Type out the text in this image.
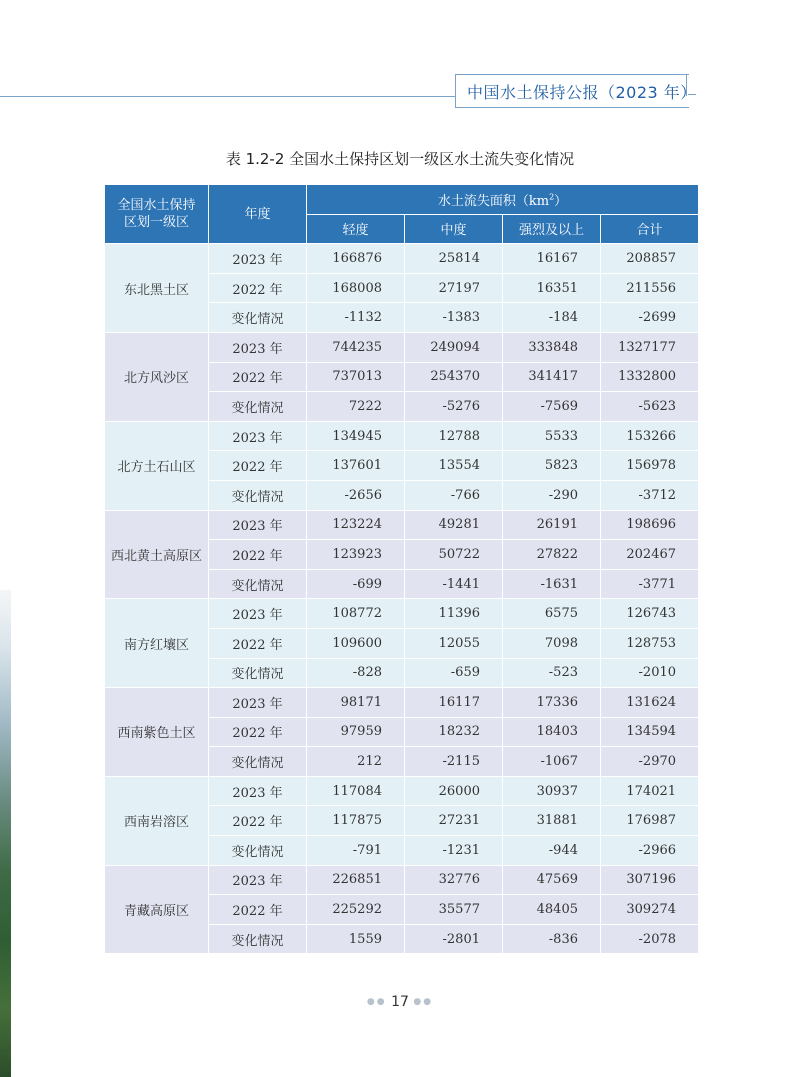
中国水土保持公报（2023 年）
表 1.2-2 全国水土保持区划一级区水土流失变化情况
全国水土保持区划一级区	年度	水土流失面积$(km^2)$			
		轻度	中度	强烈及以上	合计
东北黑土区	2023 年	166876	25814	16167	208857
	2022 年	168008	27197	16351	211556
	变化情况	-1132	-1383	-184	-2699
北方风沙区	2023 年	744235	249094	333848	1327177
	2022 年	737013	254370	341417	1332800
	变化情况	7222	-5276	-7569	-5623
北方土石山区	2023 年	134945	12788	5533	153266
	2022 年	137601	13554	5823	156978
	变化情况	-2656	-766	-290	-3712
西北黄土高原区	2023 年	123224	49281	26191	198696
	2022 年	123923	50722	27822	202467
	变化情况	-699	-1441	-1631	-3771
南方红壤区	2023 年	108772	11396	6575	126743
	2022 年	109600	12055	7098	128753
	变化情况	-828	-659	-523	-2010
西南紫色土区	2023 年	98171	16117	17336	131624
	2022 年	97959	18232	18403	134594
	变化情况	212	-2115	-1067	-2970
西南岩溶区	2023 年	117084	26000	30937	174021
	2022 年	117875	27231	31881	176987
	变化情况	-791	-1231	-944	-2966
青藏高原区	2023 年	226851	32776	47569	307196
	2022 年	225292	35577	48405	309274
	变化情况	1559	-2801	-836	-2078
●● 17 ●●
